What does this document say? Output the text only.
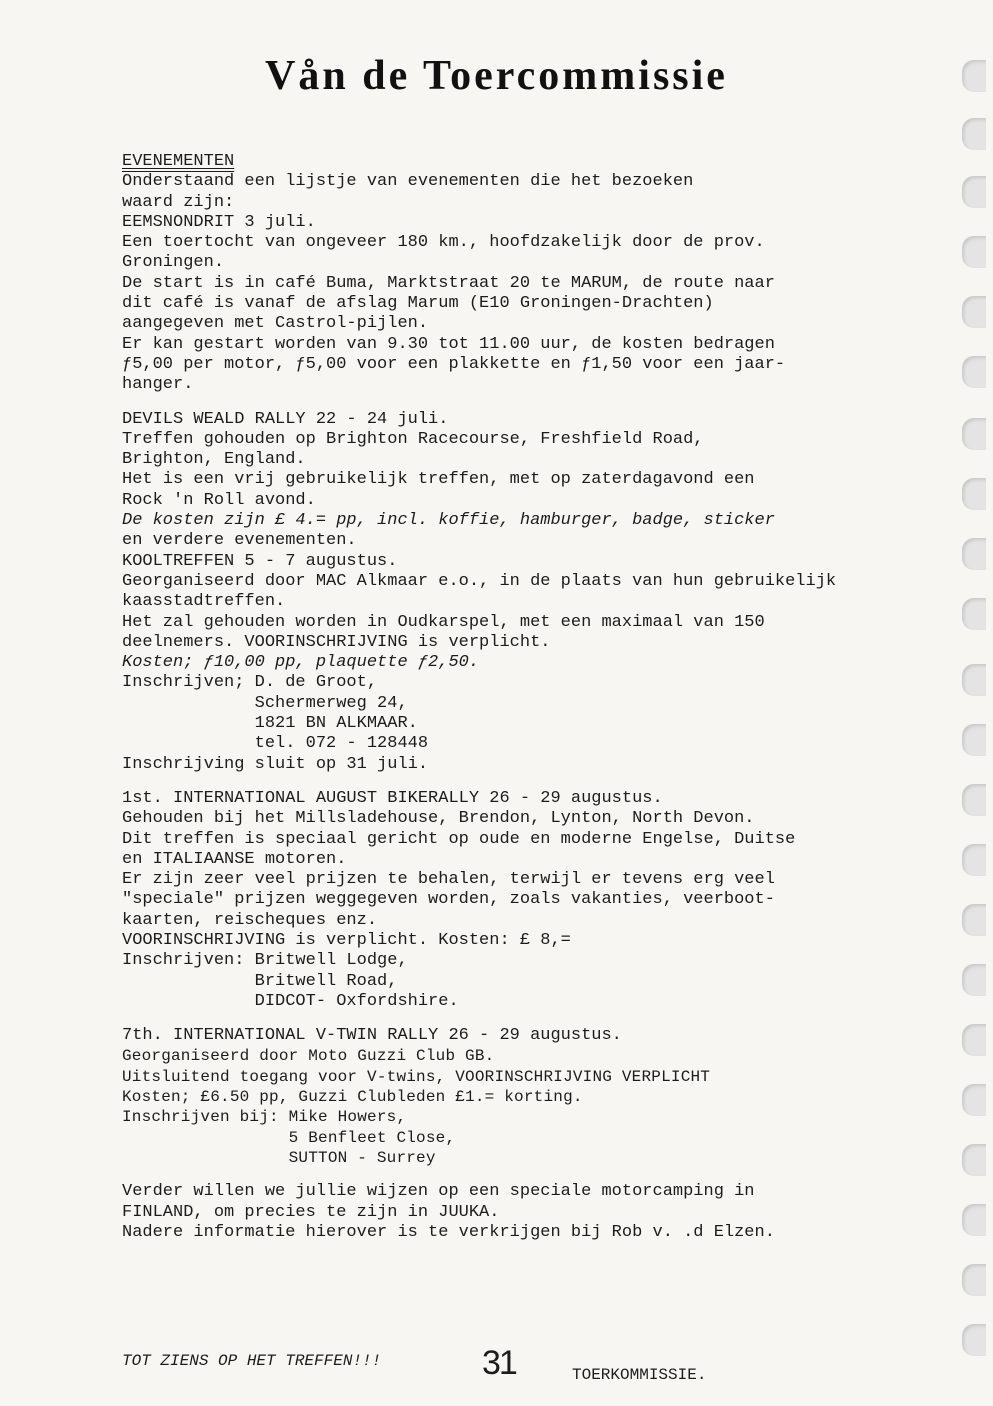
Vån de Toercommissie
EVENEMENTEN
Onderstaand een lijstje van evenementen die het bezoeken
waard zijn:
EEMSNONDRIT 3 juli.
Een toertocht van ongeveer 180 km., hoofdzakelijk door de prov.
Groningen.
De start is in café Buma, Marktstraat 20 te MARUM, de route naar
dit café is vanaf de afslag Marum (E10 Groningen-Drachten)
aangegeven met Castrol-pijlen.
Er kan gestart worden van 9.30 tot 11.00 uur, de kosten bedragen
ƒ5,00 per motor, ƒ5,00 voor een plakkette en ƒ1,50 voor een jaar-
hanger.
DEVILS WEALD RALLY 22 - 24 juli.
Treffen gohouden op Brighton Racecourse, Freshfield Road,
Brighton, England.
Het is een vrij gebruikelijk treffen, met op zaterdagavond een
Rock 'n Roll avond.
De kosten zijn £ 4.= pp, incl. koffie, hamburger, badge, sticker
en verdere evenementen.
KOOLTREFFEN 5 - 7 augustus.
Georganiseerd door MAC Alkmaar e.o., in de plaats van hun gebruikelijk
kaasstadtreffen.
Het zal gehouden worden in Oudkarspel, met een maximaal van 150
deelnemers. VOORINSCHRIJVING is verplicht.
Kosten; ƒ10,00 pp, plaquette ƒ2,50.
Inschrijven; D. de Groot,
Schermerweg 24,
1821 BN ALKMAAR.
tel. 072 - 128448
Inschrijving sluit op 31 juli.
1st. INTERNATIONAL AUGUST BIKERALLY 26 - 29 augustus.
Gehouden bij het Millsladehouse, Brendon, Lynton, North Devon.
Dit treffen is speciaal gericht op oude en moderne Engelse, Duitse
en ITALIAANSE motoren.
Er zijn zeer veel prijzen te behalen, terwijl er tevens erg veel
"speciale" prijzen weggegeven worden, zoals vakanties, veerboot-
kaarten, reischeques enz.
VOORINSCHRIJVING is verplicht. Kosten: £ 8,=
Inschrijven: Britwell Lodge,
Britwell Road,
DIDCOT- Oxfordshire.
7th. INTERNATIONAL V-TWIN RALLY 26 - 29 augustus.
Georganiseerd door Moto Guzzi Club GB.
Uitsluitend toegang voor V-twins, VOORINSCHRIJVING VERPLICHT
Kosten; £6.50 pp, Guzzi Clubleden £1.= korting.
Inschrijven bij: Mike Howers,
5 Benfleet Close,
SUTTON - Surrey
Verder willen we jullie wijzen op een speciale motorcamping in
FINLAND, om precies te zijn in JUUKA.
Nadere informatie hierover is te verkrijgen bij Rob v. .d Elzen.
TOT ZIENS OP HET TREFFEN!!!	31	TOERKOMMISSIE.
